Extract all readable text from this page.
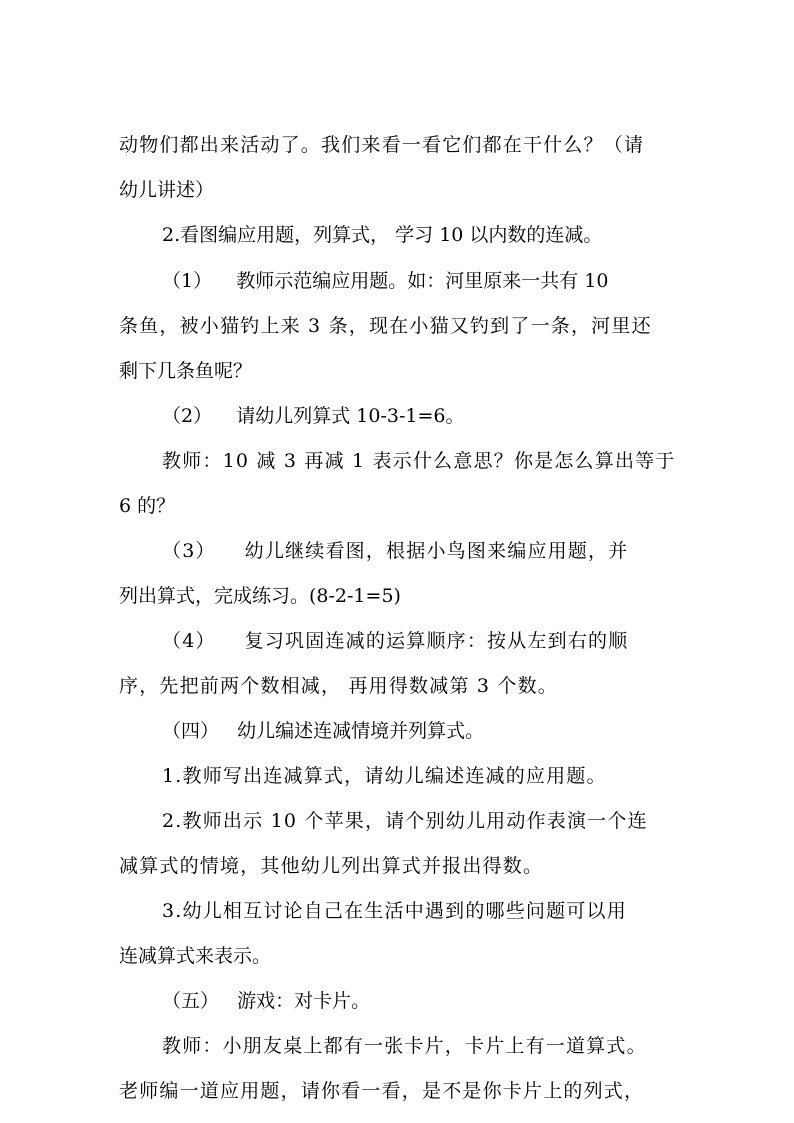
动物们都出来活动了。我们来看一看它们都在干什么？（请
幼儿讲述）
2.看图编应用题，列算式， 学习 10 以内数的连减。
（1）    教师示范编应用题。如：河里原来一共有 10
条鱼，被小猫钓上来 3 条，现在小猫又钓到了一条，河里还
剩下几条鱼呢？
（2）    请幼儿列算式 10-3-1=6。
教师：10 减 3 再减 1 表示什么意思？你是怎么算出等于
6 的？
（3）    幼儿继续看图，根据小鸟图来编应用题，并
列出算式，完成练习。(8-2-1=5)
（4）    复习巩固连减的运算顺序：按从左到右的顺
序，先把前两个数相减， 再用得数减第 3 个数。
（四）   幼儿编述连减情境并列算式。
1.教师写出连减算式，请幼儿编述连减的应用题。
2.教师出示 10 个苹果，请个别幼儿用动作表演一个连
减算式的情境，其他幼儿列出算式并报出得数。
3.幼儿相互讨论自己在生活中遇到的哪些问题可以用
连减算式来表示。
（五）   游戏：对卡片。
教师：小朋友桌上都有一张卡片，卡片上有一道算式。
老师编一道应用题，请你看一看，是不是你卡片上的列式，
